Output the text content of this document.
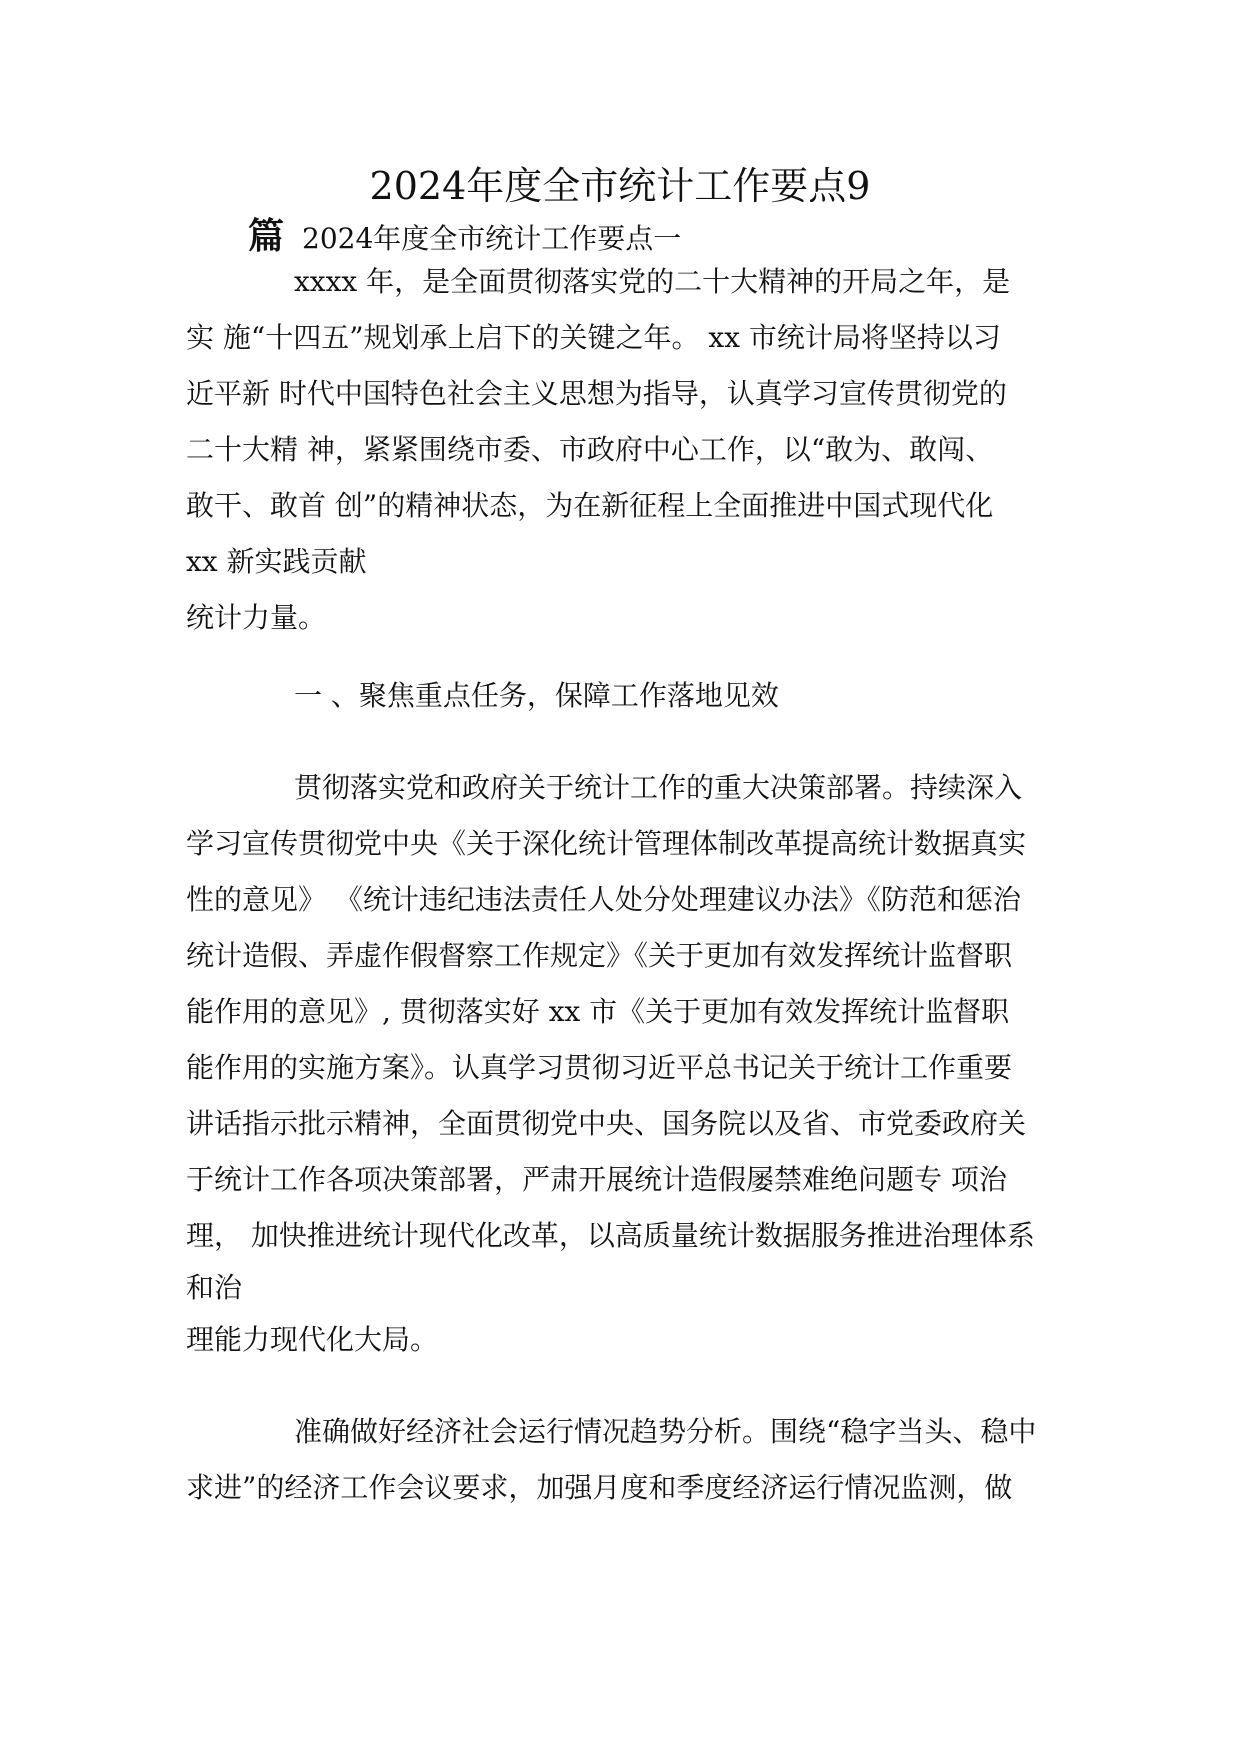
2024年度全市统计工作要点9
篇 2024年度全市统计工作要点一
xxxx 年，是全面贯彻落实党的二十大精神的开局之年，是
实 施“十四五”规划承上启下的关键之年。 xx 市统计局将坚持以习
近平新 时代中国特色社会主义思想为指导，认真学习宣传贯彻党的
二十大精 神，紧紧围绕市委、市政府中心工作，以“敢为、敢闯、
敢干、敢首 创”的精神状态，为在新征程上全面推进中国式现代化
xx 新实践贡献
统计力量。
一 、聚焦重点任务，保障工作落地见效
贯彻落实党和政府关于统计工作的重大决策部署。持续深入
学习宣传贯彻党中央《关于深化统计管理体制改革提高统计数据真实
性的意见》 《统计违纪违法责任人处分处理建议办法》《防范和惩治
统计造假、弄虚作假督察工作规定》《关于更加有效发挥统计监督职
能作用的意见》, 贯彻落实好 xx 市《关于更加有效发挥统计监督职
能作用的实施方案》。认真学习贯彻习近平总书记关于统计工作重要
讲话指示批示精神，全面贯彻党中央、国务院以及省、市党委政府关
于统计工作各项决策部署，严肃开展统计造假屡禁难绝问题专 项治
理， 加快推进统计现代化改革，以高质量统计数据服务推进治理体系
和治
理能力现代化大局。
准确做好经济社会运行情况趋势分析。围绕“稳字当头、稳中
求进”的经济工作会议要求，加强月度和季度经济运行情况监测，做
